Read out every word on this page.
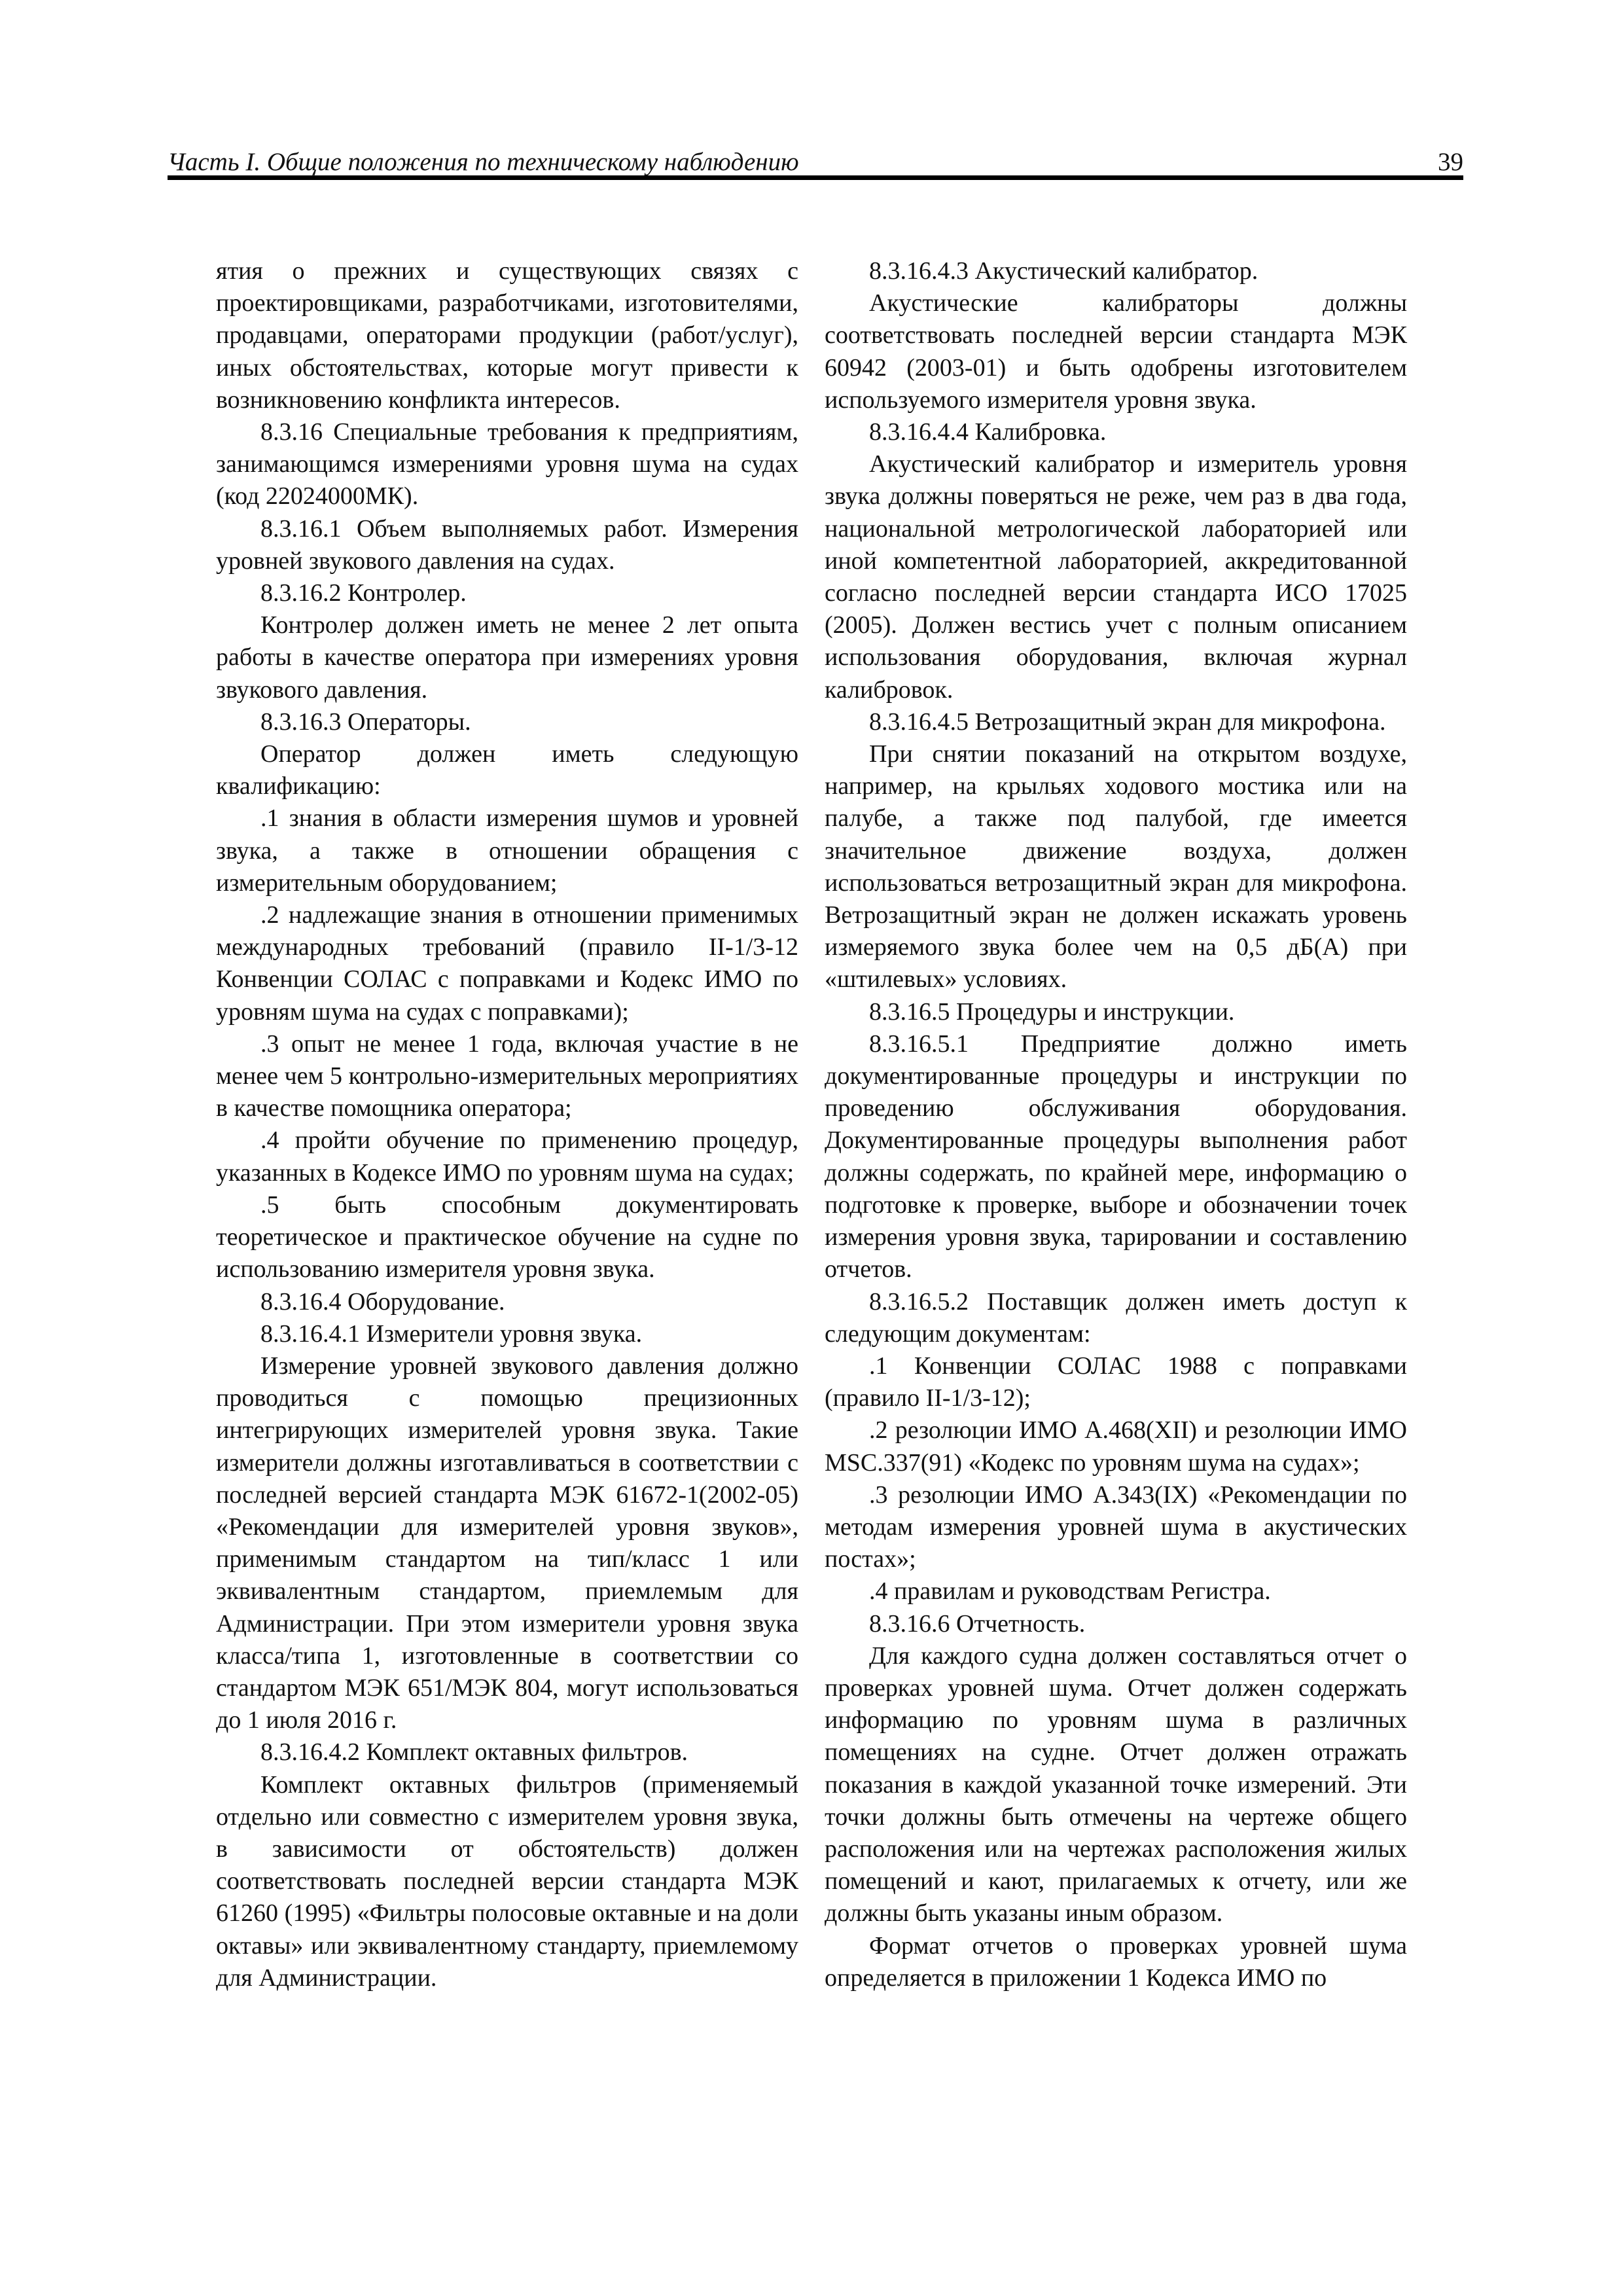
Часть I. Общие положения по техническому наблюдению	39

ятия о прежних и существующих связях с проектировщиками, разработчиками, изготовителями, продавцами, операторами продукции (работ/услуг), иных обстоятельствах, которые могут привести к возникновению конфликта интересов.

8.3.16 Специальные требования к предприятиям, занимающимся измерениями уровня шума на судах (код 22024000МК).

8.3.16.1 Объем выполняемых работ. Измерения уровней звукового давления на судах.

8.3.16.2 Контролер.

Контролер должен иметь не менее 2 лет опыта работы в качестве оператора при измерениях уровня звукового давления.

8.3.16.3 Операторы.

Оператор должен иметь следующую квалификацию:

.1 знания в области измерения шумов и уровней звука, а также в отношении обращения с измерительным оборудованием;

.2 надлежащие знания в отношении применимых международных требований (правило II-1/3-12 Конвенции СОЛАС с поправками и Кодекс ИМО по уровням шума на судах с поправками);

.3 опыт не менее 1 года, включая участие в не менее чем 5 контрольно-измерительных мероприятиях в качестве помощника оператора;

.4 пройти обучение по применению процедур, указанных в Кодексе ИМО по уровням шума на судах;

.5 быть способным документировать теоретическое и практическое обучение на судне по использованию измерителя уровня звука.

8.3.16.4 Оборудование.

8.3.16.4.1 Измерители уровня звука.

Измерение уровней звукового давления должно проводиться с помощью прецизионных интегрирующих измерителей уровня звука. Такие измерители должны изготавливаться в соответствии с последней версией стандарта МЭК 61672-1(2002-05) «Рекомендации для измерителей уровня звуков», применимым стандартом на тип/класс 1 или эквивалентным стандартом, приемлемым для Администрации. При этом измерители уровня звука класса/типа 1, изготовленные в соответствии со стандартом МЭК 651/МЭК 804, могут использоваться до 1 июля 2016 г.

8.3.16.4.2 Комплект октавных фильтров.

Комплект октавных фильтров (применяемый отдельно или совместно с измерителем уровня звука, в зависимости от обстоятельств) должен соответствовать последней версии стандарта МЭК 61260 (1995) «Фильтры полосовые октавные и на доли октавы» или эквивалентному стандарту, приемлемому для Администрации.

8.3.16.4.3 Акустический калибратор.

Акустические калибраторы должны соответствовать последней версии стандарта МЭК 60942 (2003-01) и быть одобрены изготовителем используемого измерителя уровня звука.

8.3.16.4.4 Калибровка.

Акустический калибратор и измеритель уровня звука должны поверяться не реже, чем раз в два года, национальной метрологической лабораторией или иной компетентной лабораторией, аккредитованной согласно последней версии стандарта ИСО 17025 (2005). Должен вестись учет с полным описанием использования оборудования, включая журнал калибровок.

8.3.16.4.5 Ветрозащитный экран для микрофона.

При снятии показаний на открытом воздухе, например, на крыльях ходового мостика или на палубе, а также под палубой, где имеется значительное движение воздуха, должен использоваться ветрозащитный экран для микрофона. Ветрозащитный экран не должен искажать уровень измеряемого звука более чем на 0,5 дБ(А) при «штилевых» условиях.

8.3.16.5 Процедуры и инструкции.

8.3.16.5.1 Предприятие должно иметь документированные процедуры и инструкции по проведению обслуживания оборудования. Документированные процедуры выполнения работ должны содержать, по крайней мере, информацию о подготовке к проверке, выборе и обозначении точек измерения уровня звука, тарировании и составлению отчетов.

8.3.16.5.2 Поставщик должен иметь доступ к следующим документам:

.1 Конвенции СОЛАС 1988 с поправками (правило II-1/3-12);

.2 резолюции ИМО А.468(XII) и резолюции ИМО MSC.337(91) «Кодекс по уровням шума на судах»;

.3 резолюции ИМО А.343(IX) «Рекомендации по методам измерения уровней шума в акустических постах»;

.4 правилам и руководствам Регистра.

8.3.16.6 Отчетность.

Для каждого судна должен составляться отчет о проверках уровней шума. Отчет должен содержать информацию по уровням шума в различных помещениях на судне. Отчет должен отражать показания в каждой указанной точке измерений. Эти точки должны быть отмечены на чертеже общего расположения или на чертежах расположения жилых помещений и кают, прилагаемых к отчету, или же должны быть указаны иным образом.

Формат отчетов о проверках уровней шума определяется в приложении 1 Кодекса ИМО по
